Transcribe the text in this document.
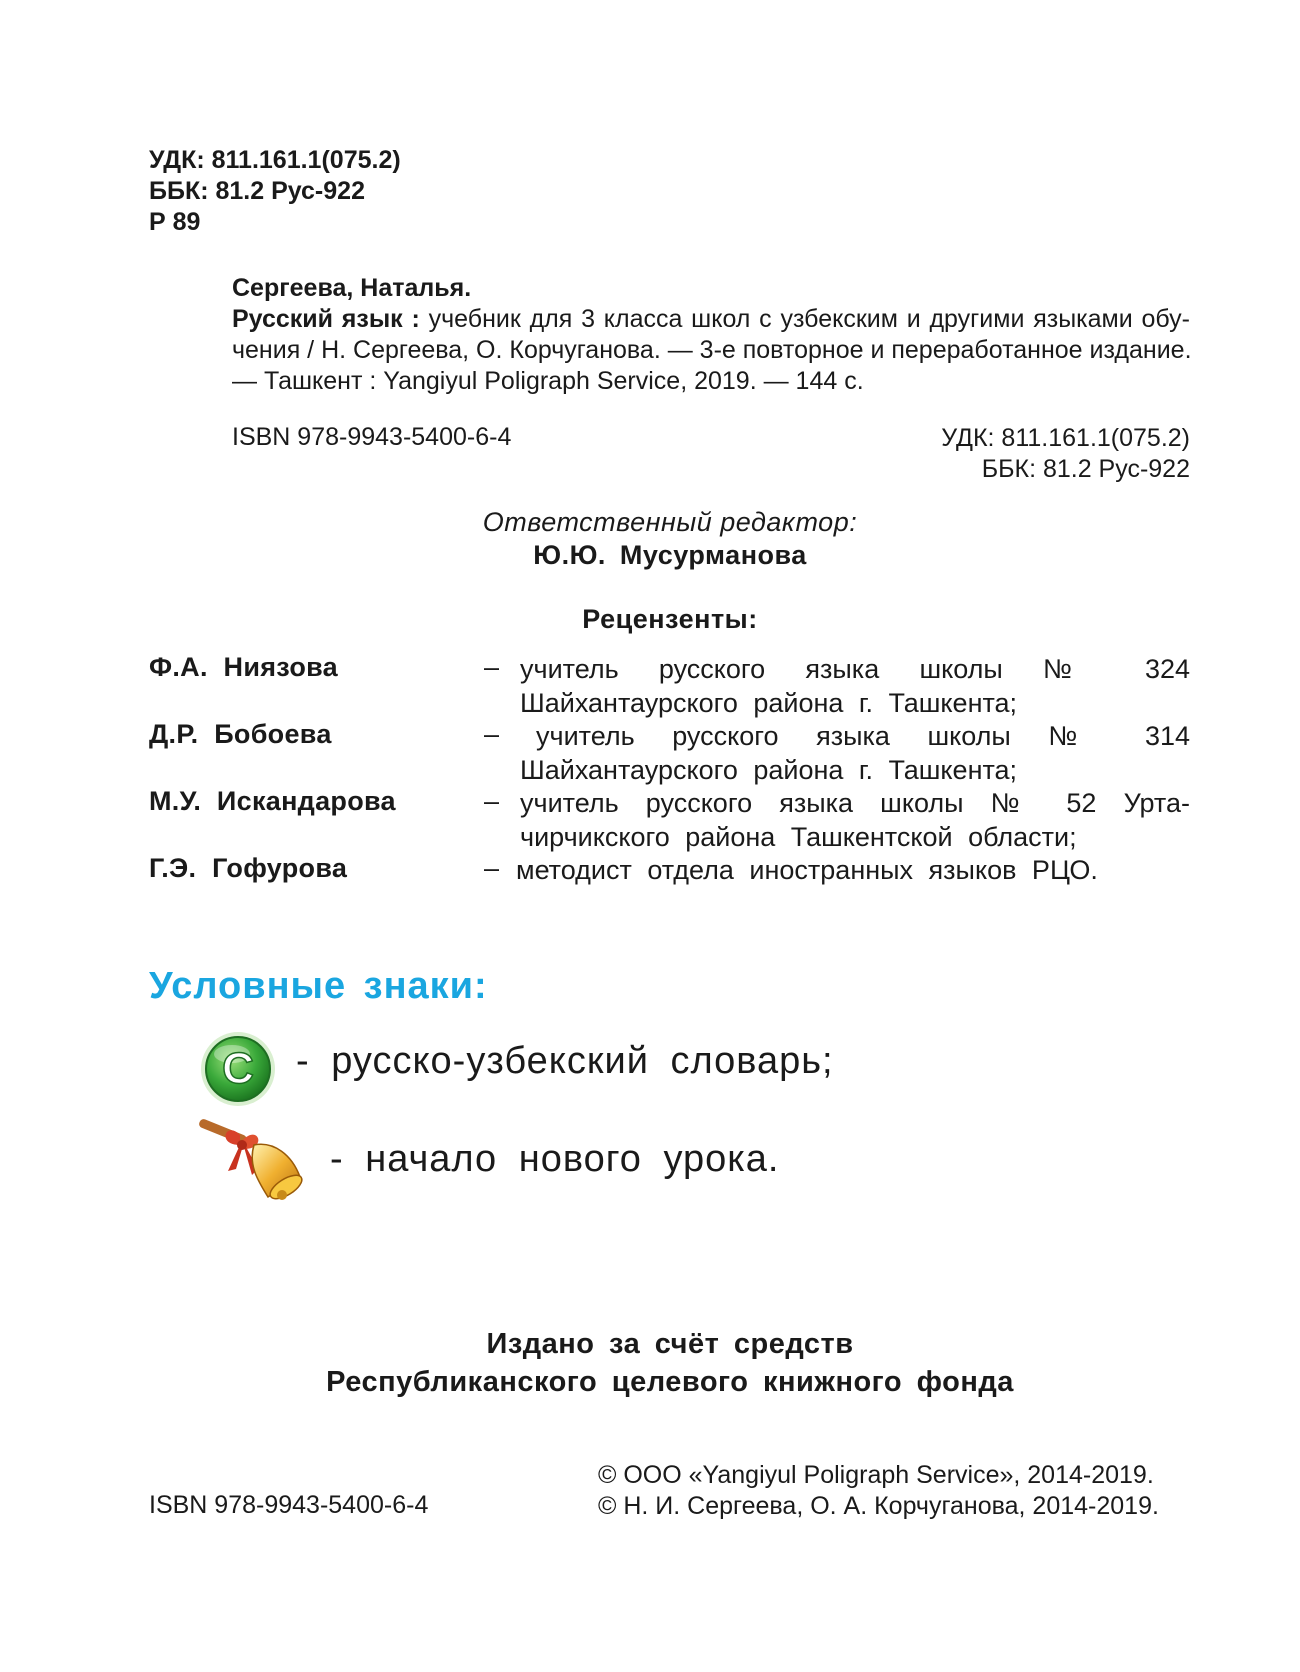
УДК: 811.161.1(075.2)
ББК: 81.2 Рус-922
Р 89
Сергеева, Наталья.
Русский язык : учебник для 3 класса школ с узбекским и другими языками обу-
чения / Н. Сергеева, О. Корчуганова. — 3-е повторное и переработанное издание.
— Ташкент : Yangiyul Poligraph Service, 2019. — 144 с.
ISBN 978-9943-5400-6-4	УДК: 811.161.1(075.2)
ББК: 81.2 Рус-922
Ответственный редактор:
Ю.Ю. Мусурманова
Рецензенты:
Ф.А. Ниязова	– учитель русского языка школы № 324
Шайхантаурского района г. Ташкента;
Д.Р. Бобоева	–	учитель русского языка школы № 314
Шайхантаурского района г. Ташкента;
М.У. Искандарова	– учитель русского языка школы № 52 Урта-
чирчикского района Ташкентской области;
Г.Э. Гофурова	– методист отдела иностранных языков РЦО.
Условные знаки:
С - русско-узбекский словарь;
- начало нового урока.
Издано за счёт средств
Республиканского целевого книжного фонда
© ООО «Yangiyul Poligraph Service», 2014-2019.
© Н. И. Сергеева, О. А. Корчуганова, 2014-2019.
ISBN 978-9943-5400-6-4
